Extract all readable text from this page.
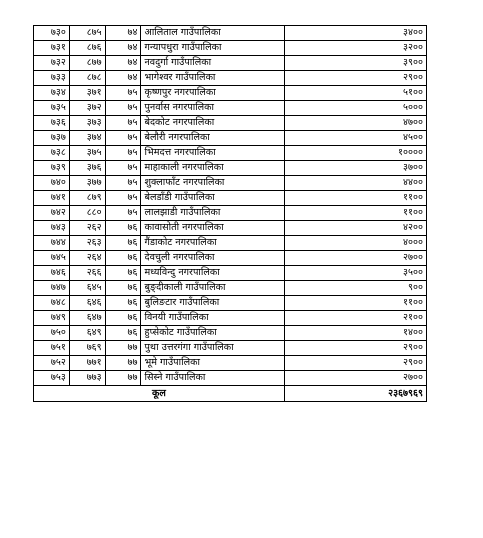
७३०	८७५	७४	आलिताल गाउँपालिका	३४००
७३१	८७६	७४	गन्यापधुरा गाउँपालिका	३२००
७३२	८७७	७४	नवदुर्गा गाउँपालिका	३९००
७३३	८७८	७४	भागेश्वर गाउँपालिका	२९००
७३४	३७१	७५	कृष्णपुर नगरपालिका	५१००
७३५	३७२	७५	पुनर्वास नगरपालिका	५०००
७३६	३७३	७५	बेदकोट नगरपालिका	४७००
७३७	३७४	७५	बेलौरी नगरपालिका	४५००
७३८	३७५	७५	भिमदत्त नगरपालिका	१००००
७३९	३७६	७५	माहाकाली नगरपालिका	३७००
७४०	३७७	७५	शुक्लाफाँट नगरपालिका	४४००
७४१	८७९	७५	बेलडाँडी गाउँपालिका	११००
७४२	८८०	७५	लालझाडी गाउँपालिका	११००
७४३	२६२	७६	कावासोती नगरपालिका	४२००
७४४	२६३	७६	गैंडाकोट नगरपालिका	४०००
७४५	२६४	७६	देवचुली नगरपालिका	२७००
७४६	२६६	७६	मध्यविन्दु नगरपालिका	३५००
७४७	६४५	७६	बुङ्दीकाली गाउँपालिका	९००
७४८	६४६	७६	बुलिङटार गाउँपालिका	११००
७४९	६४७	७६	विनयी गाउँपालिका	२१००
७५०	६४९	७६	हुप्सेकोट गाउँपालिका	१४००
७५१	७६९	७७	पुथा उत्तरगंगा गाउँपालिका	२९००
७५२	७७१	७७	भूमे गाउँपालिका	२९००
७५३	७७३	७७	सिस्ने गाउँपालिका	२७००
कूल				२३६७९६९
